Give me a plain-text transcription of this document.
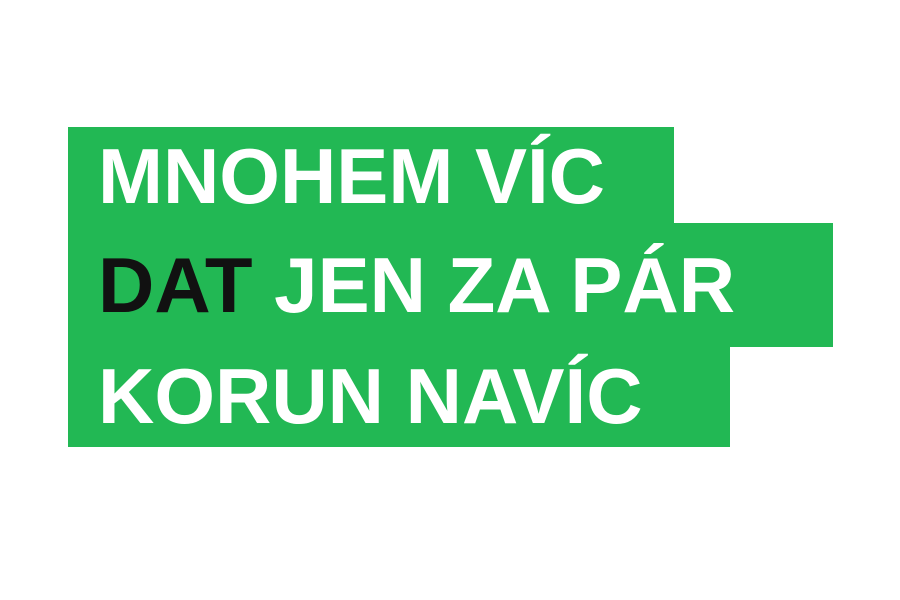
MNOHEM VÍC
DAT JEN ZA PÁR
KORUN NAVÍC
